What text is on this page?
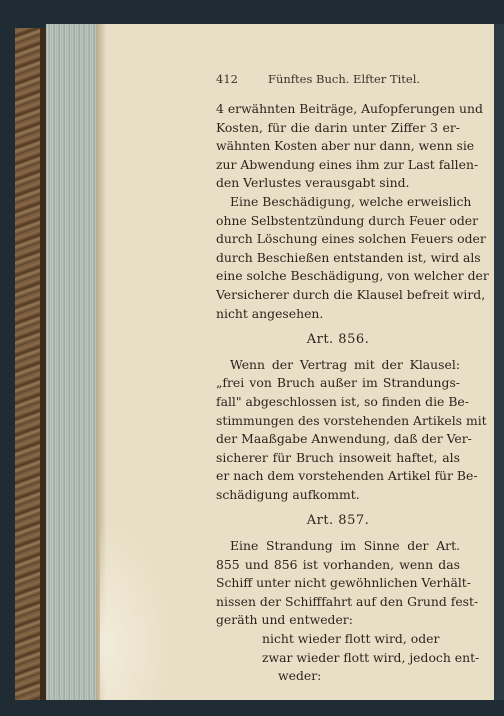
412	Fünftes Buch. Elfter Titel.
4 erwähnten Beiträge, Aufopferungen und
Kosten, für die darin unter Ziffer 3 er-
wähnten Kosten aber nur dann, wenn sie
zur Abwendung eines ihm zur Last fallen-
den Verlustes verausgabt sind.
Eine Beschädigung, welche erweislich
ohne Selbstentzündung durch Feuer oder
durch Löschung eines solchen Feuers oder
durch Beschießen entstanden ist, wird als
eine solche Beschädigung, von welcher der
Versicherer durch die Klausel befreit wird,
nicht angesehen.
Art. 856.
Wenn der Vertrag mit der Klausel:
„frei von Bruch außer im Strandungs-
fall" abgeschlossen ist, so finden die Be-
stimmungen des vorstehenden Artikels mit
der Maaßgabe Anwendung, daß der Ver-
sicherer für Bruch insoweit haftet, als
er nach dem vorstehenden Artikel für Be-
schädigung aufkommt.
Art. 857.
Eine Strandung im Sinne der Art.
855 und 856 ist vorhanden, wenn das
Schiff unter nicht gewöhnlichen Verhält-
nissen der Schifffahrt auf den Grund fest-
geräth und entweder:
nicht wieder flott wird, oder
zwar wieder flott wird, jedoch ent-
weder:
